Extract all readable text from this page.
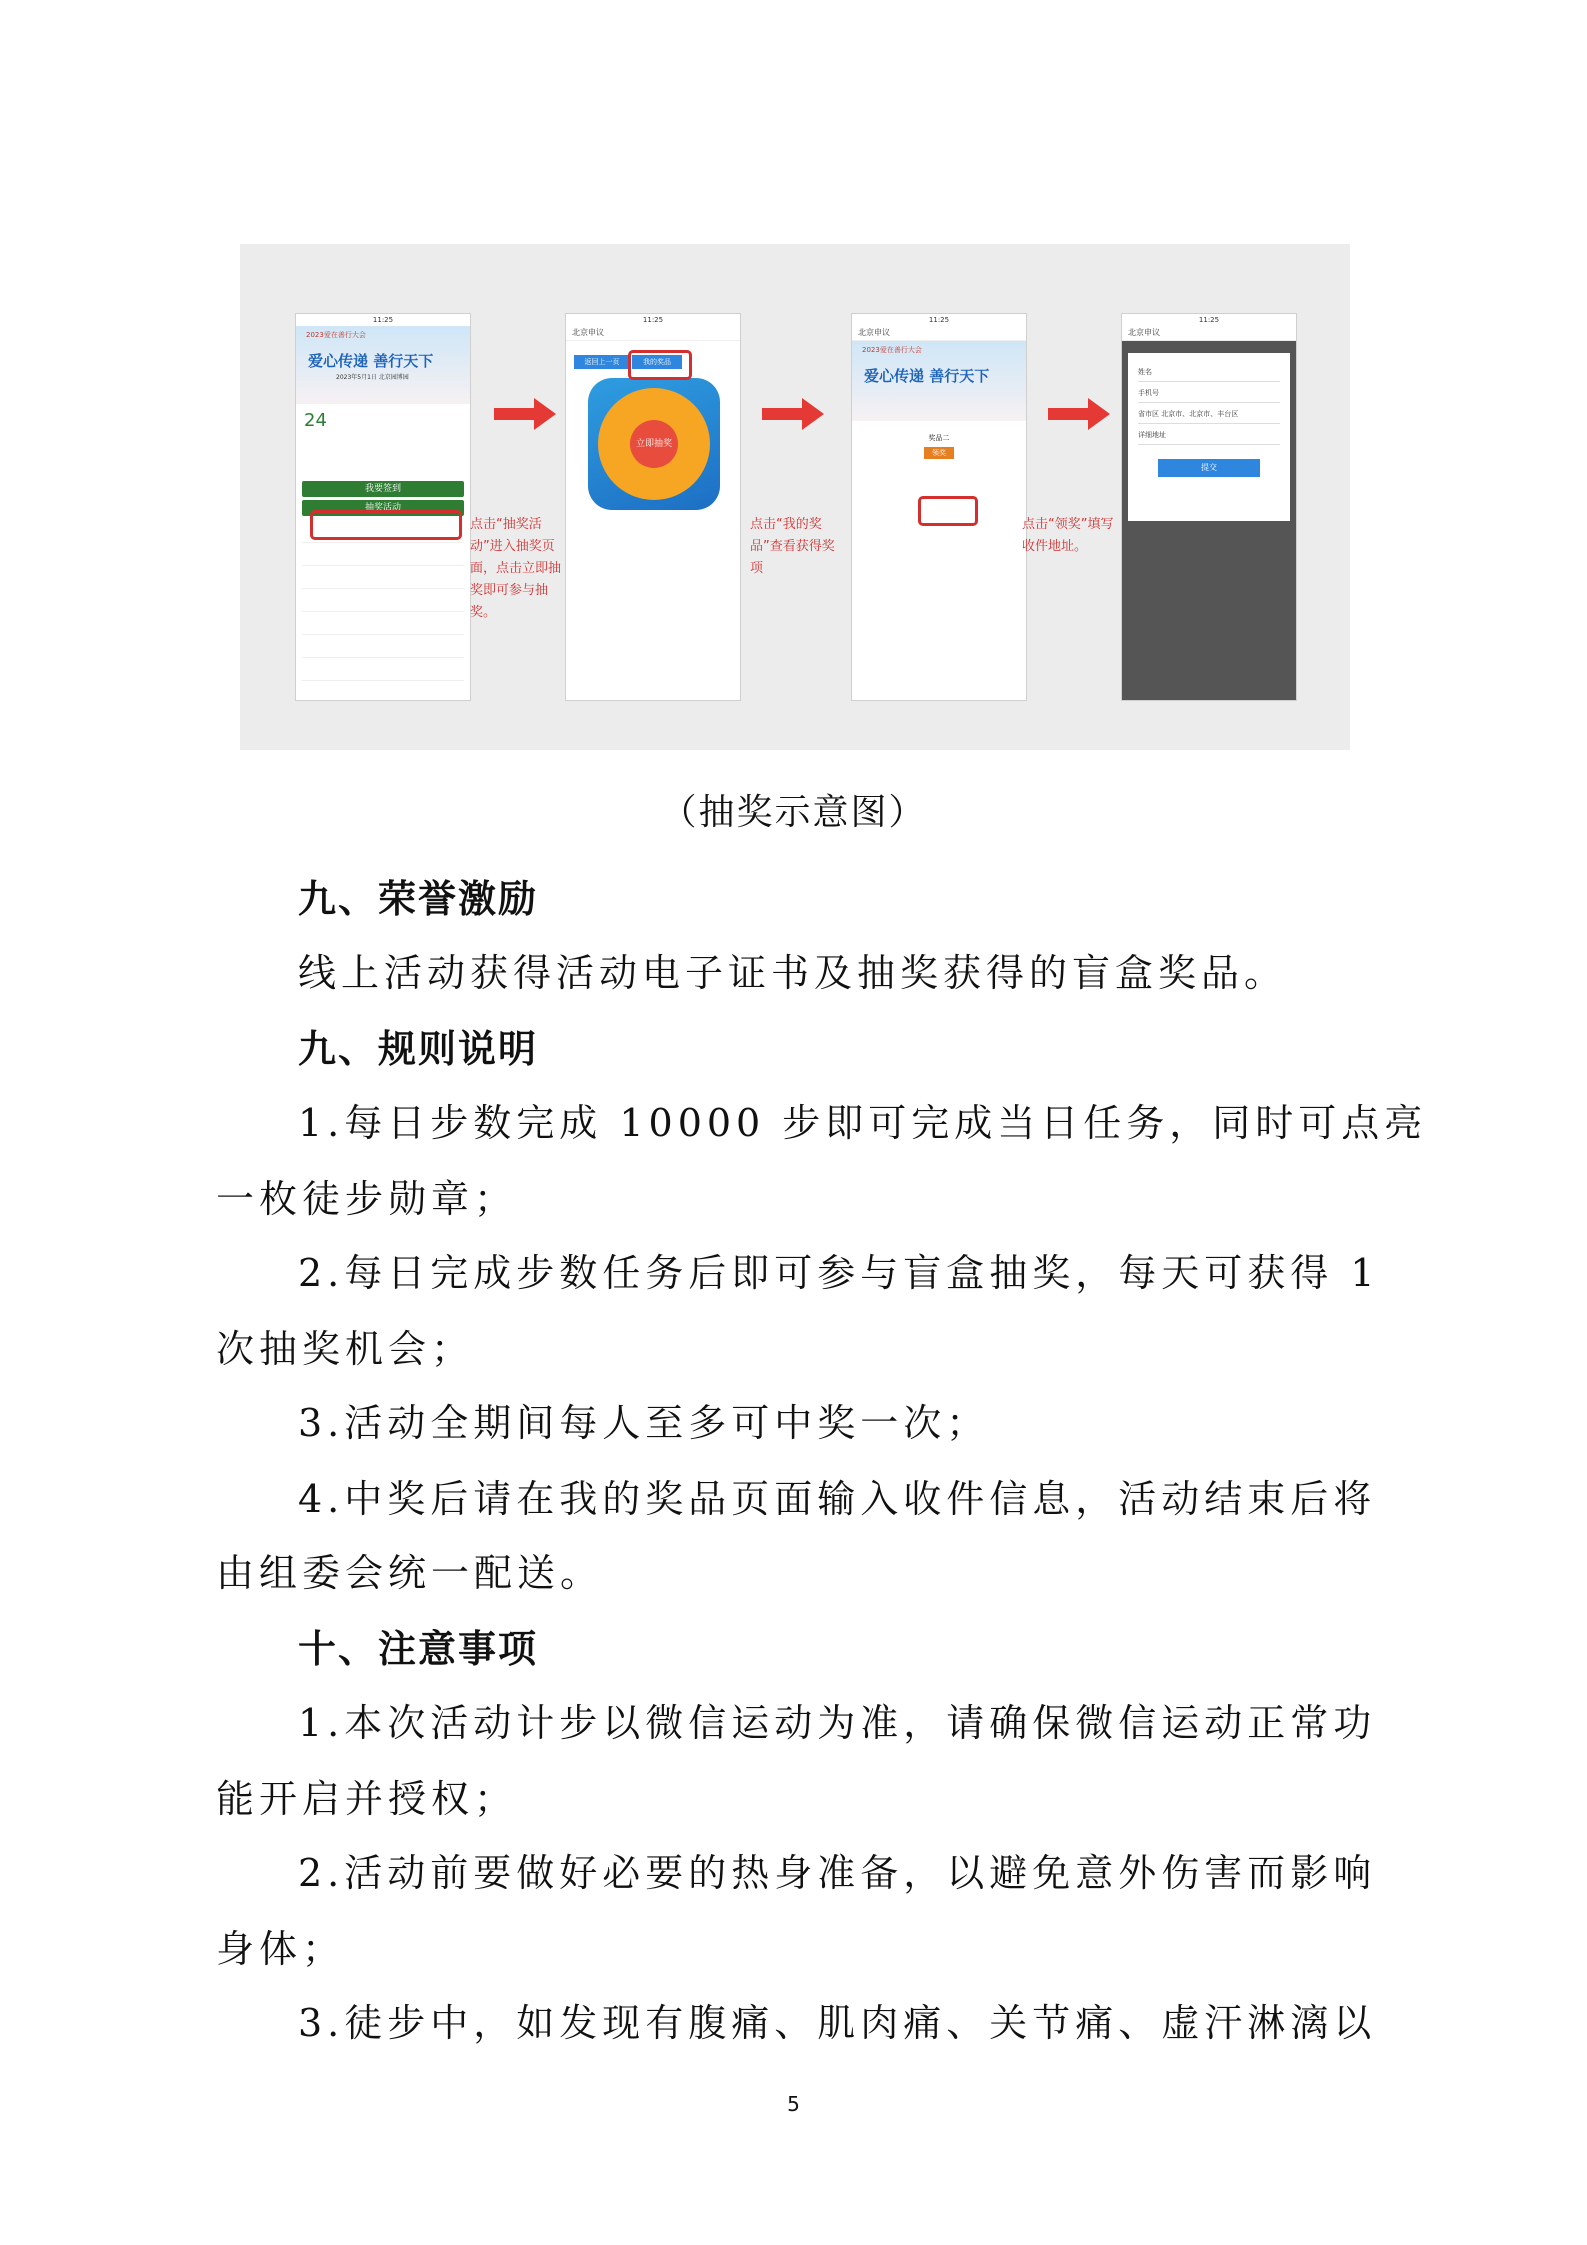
11:25
2023爱在善行大会
爱心传递 善行天下
2023年5月1日 北京园博园
24
我要签到
抽奖活动
点击“抽奖活动”进入抽奖页面，点击立即抽奖即可参与抽奖。
11:25
北京申议
返回上一页	我的奖品
立即抽奖
点击“我的奖品”查看获得奖项
11:25
北京申议
2023爱在善行大会
爱心传递 善行天下
奖品二
领奖
点击“领奖”填写收件地址。
11:25
北京申议
姓名
手机号
省市区 北京市、北京市、丰台区
详细地址
提交
（抽奖示意图）
九、荣誉激励
线上活动获得活动电子证书及抽奖获得的盲盒奖品。
九、规则说明
1.每日步数完成 10000 步即可完成当日任务，同时可点亮
一枚徒步勋章；
2.每日完成步数任务后即可参与盲盒抽奖，每天可获得 1
次抽奖机会；
3.活动全期间每人至多可中奖一次；
4.中奖后请在我的奖品页面输入收件信息，活动结束后将
由组委会统一配送。
十、注意事项
1.本次活动计步以微信运动为准，请确保微信运动正常功
能开启并授权；
2.活动前要做好必要的热身准备，以避免意外伤害而影响
身体；
3.徒步中，如发现有腹痛、肌肉痛、关节痛、虚汗淋漓以
5
